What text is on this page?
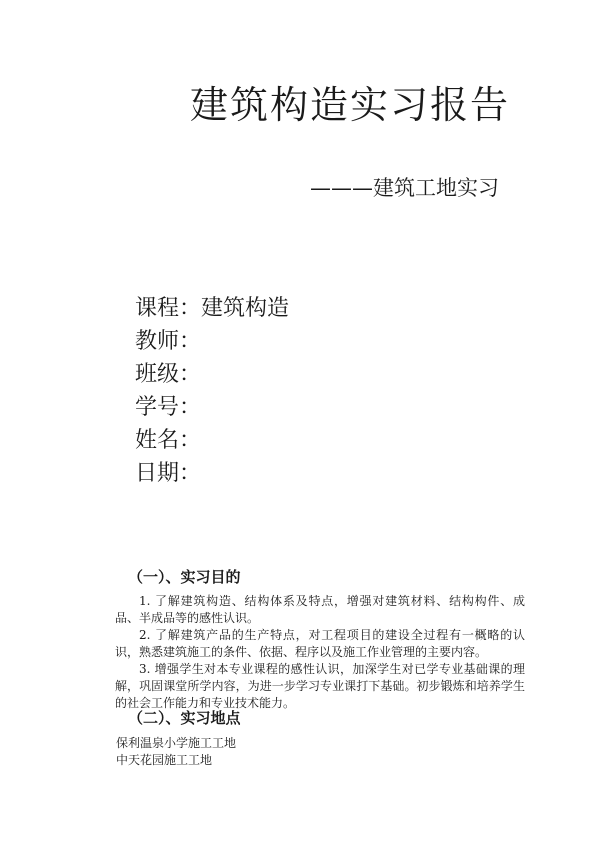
建筑构造实习报告
———建筑工地实习
课程：建筑构造
教师：
班级：
学号：
姓名：
日期：
（一）、实习目的

1. 了解建筑构造、结构体系及特点，增强对建筑材料、结构构件、成品、半成品等的感性认识。

2. 了解建筑产品的生产特点，对工程项目的建设全过程有一概略的认识，熟悉建筑施工的条件、依据、程序以及施工作业管理的主要内容。

3. 增强学生对本专业课程的感性认识，加深学生对已学专业基础课的理解，巩固课堂所学内容，为进一步学习专业课打下基础。初步锻炼和培养学生的社会工作能力和专业技术能力。

（二）、实习地点
保利温泉小学施工工地
中天花园施工工地
